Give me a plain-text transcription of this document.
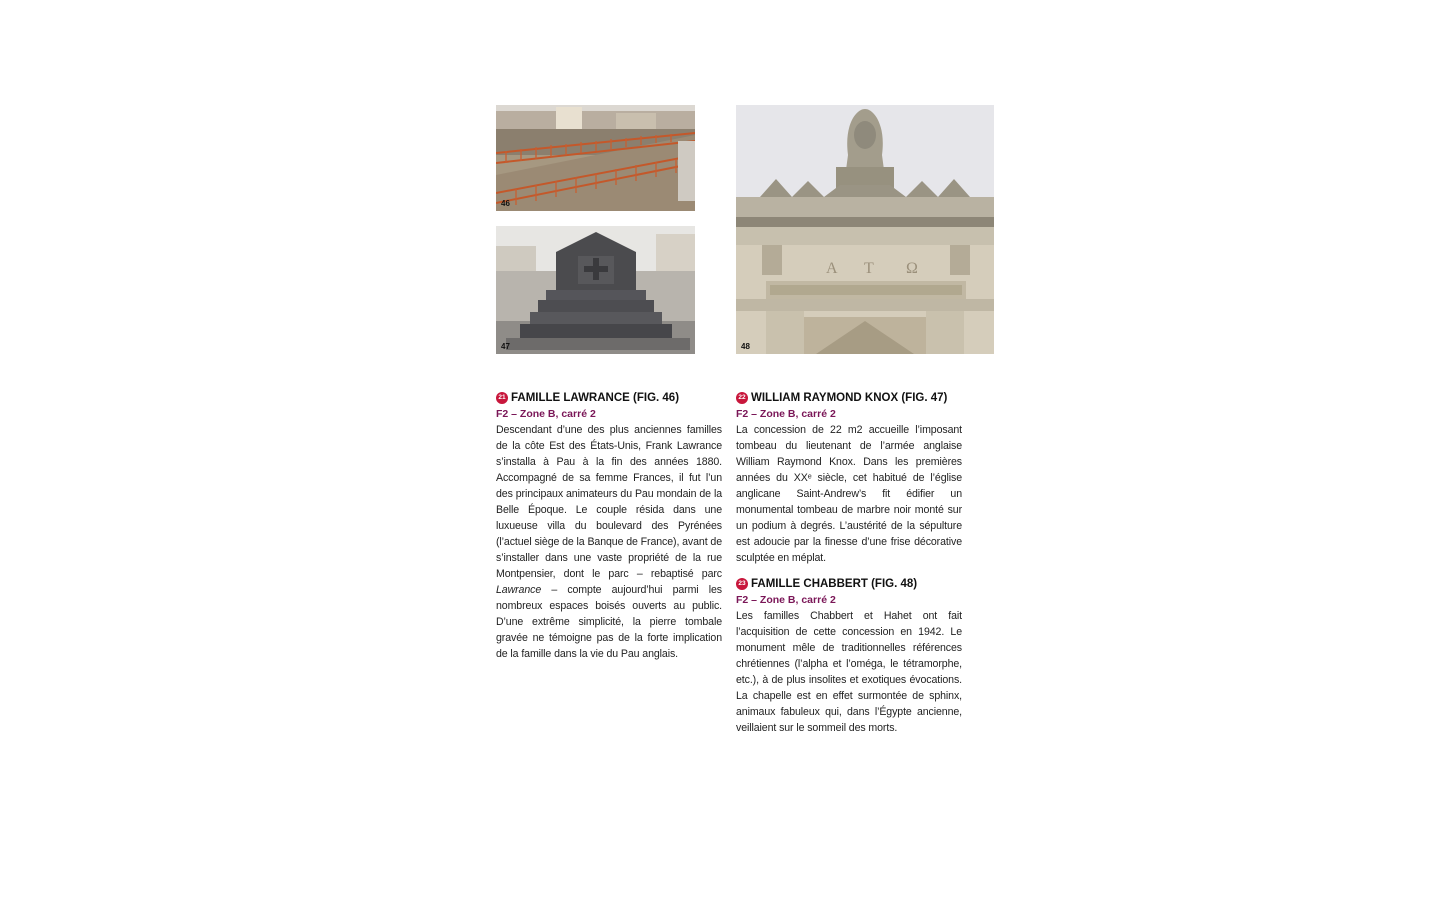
46
47
A T Ω
48
21 FAMILLE LAWRANCE (FIG. 46)
F2 – Zone B, carré 2

Descendant d’une des plus anciennes familles de la côte Est des États-Unis, Frank Lawrance s’installa à Pau à la fin des années 1880. Accompagné de sa femme Frances, il fut l’un des principaux animateurs du Pau mondain de la Belle Époque. Le couple résida dans une luxueuse villa du boulevard des Pyrénées (l’actuel siège de la Banque de France), avant de s’installer dans une vaste propriété de la rue Montpensier, dont le parc – rebaptisé parc Lawrance – compte aujourd’hui parmi les nombreux espaces boisés ouverts au public. D’une extrême simplicité, la pierre tombale gravée ne témoigne pas de la forte implication de la famille dans la vie du Pau anglais.

22 WILLIAM RAYMOND KNOX (FIG. 47)
F2 – Zone B, carré 2

La concession de 22 m2 accueille l’imposant tombeau du lieutenant de l’armée anglaise William Raymond Knox. Dans les premières années du XXᵉ siècle, cet habitué de l’église anglicane Saint-Andrew’s fit édifier un monumental tombeau de marbre noir monté sur un podium à degrés. L’austérité de la sépulture est adoucie par la finesse d’une frise décorative sculptée en méplat.

23 FAMILLE CHABBERT (FIG. 48)
F2 – Zone B, carré 2

Les familles Chabbert et Hahet ont fait l’acquisition de cette concession en 1942. Le monument mêle de traditionnelles références chrétiennes (l’alpha et l’oméga, le tétramorphe, etc.), à de plus insolites et exotiques évocations. La chapelle est en effet surmontée de sphinx, animaux fabuleux qui, dans l’Égypte ancienne, veillaient sur le sommeil des morts.
